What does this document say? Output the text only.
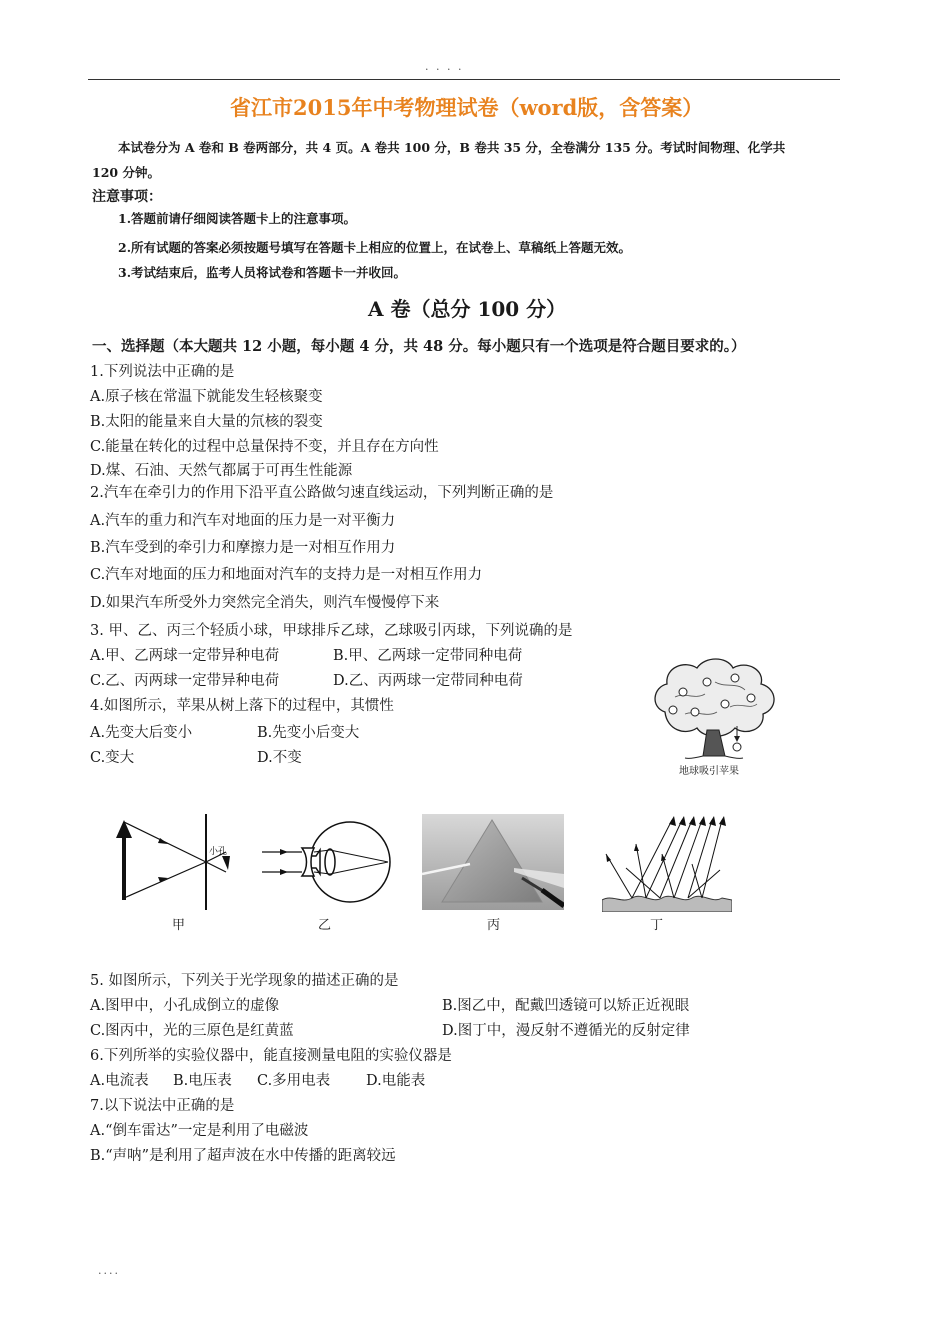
. . . .
省江市2015年中考物理试卷（word版，含答案）
本试卷分为 A 卷和 B 卷两部分，共 4 页。A 卷共 100 分，B 卷共 35 分，全卷满分 135 分。考试时间物理、化学共
120 分钟。
注意事项：
1.答题前请仔细阅读答题卡上的注意事项。
2.所有试题的答案必须按题号填写在答题卡上相应的位置上，在试卷上、草稿纸上答题无效。
3.考试结束后，监考人员将试卷和答题卡一并收回。
A 卷（总分 100 分）
一、选择题（本大题共 12 小题，每小题 4 分，共 48 分。每小题只有一个选项是符合题目要求的。）
1.下列说法中正确的是
A.原子核在常温下就能发生轻核聚变
B.太阳的能量来自大量的氘核的裂变
C.能量在转化的过程中总量保持不变，并且存在方向性
D.煤、石油、天然气都属于可再生性能源
2.汽车在牵引力的作用下沿平直公路做匀速直线运动，下列判断正确的是
A.汽车的重力和汽车对地面的压力是一对平衡力
B.汽车受到的牵引力和摩擦力是一对相互作用力
C.汽车对地面的压力和地面对汽车的支持力是一对相互作用力
D.如果汽车所受外力突然完全消失，则汽车慢慢停下来
3. 甲、乙、丙三个轻质小球，甲球排斥乙球，乙球吸引丙球，下列说确的是
A.甲、乙两球一定带异种电荷	B.甲、乙两球一定带同种电荷
C.乙、丙两球一定带异种电荷	D.乙、丙两球一定带同种电荷
4.如图所示，苹果从树上落下的过程中，其惯性
A.先变大后变小	B.先变小后变大
C.变大	D.不变
地球吸引苹果
小孔
甲	乙	丙	丁
5. 如图所示，下列关于光学现象的描述正确的是
A.图甲中，小孔成倒立的虚像	B.图乙中，配戴凹透镜可以矫正近视眼
C.图丙中，光的三原色是红黄蓝	D.图丁中，漫反射不遵循光的反射定律
6.下列所举的实验仪器中，能直接测量电阻的实验仪器是
A.电流表 B.电压表 C.多用电表 D.电能表
7.以下说法中正确的是
A.“倒车雷达”一定是利用了电磁波
B.“声呐”是利用了超声波在水中传播的距离较远
....
